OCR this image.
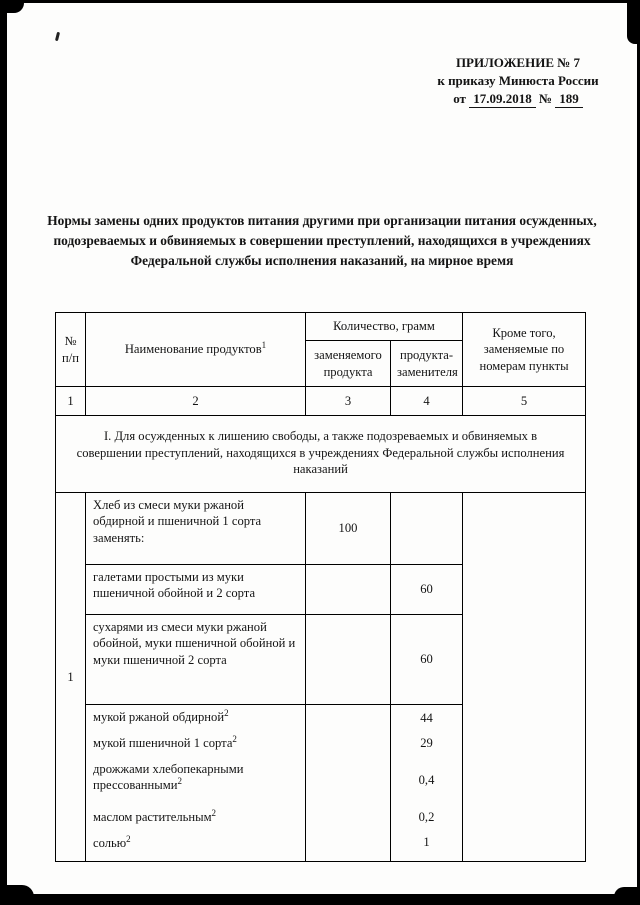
ПРИЛОЖЕНИЕ № 7
к приказу Минюста России
от 17.09.2018 № 189
Нормы замены одних продуктов питания другими при организации питания осужденных, подозреваемых и обвиняемых в совершении преступлений, находящихся в учреждениях Федеральной службы исполнения наказаний, на мирное время
№ п/п	Наименование продуктов$^1$	Количество, грамм		Кроме того, заменяемые по номерам пункты
		заменяемого продукта	продукта-заменителя	
1	2	3	4	5
I. Для осужденных к лишению свободы, а также подозреваемых и обвиняемых в совершении преступлений, находящихся в учреждениях Федеральной службы исполнения наказаний				
1	Хлеб из смеси муки ржаной обдирной и пшеничной 1 сорта заменять:	100		
	галетами простыми из муки пшеничной обойной и 2 сорта		60	
	сухарями из смеси муки ржаной обойной, муки пшеничной обойной и муки пшеничной 2 сорта		60	
	мукой ржаной обдирной$^2$		44	
	мукой пшеничной 1 сорта$^2$		29	
	дрожжами хлебопекарными прессованными$^2$		0,4	
	маслом растительным$^2$		0,2	
	солью$^2$		1	
